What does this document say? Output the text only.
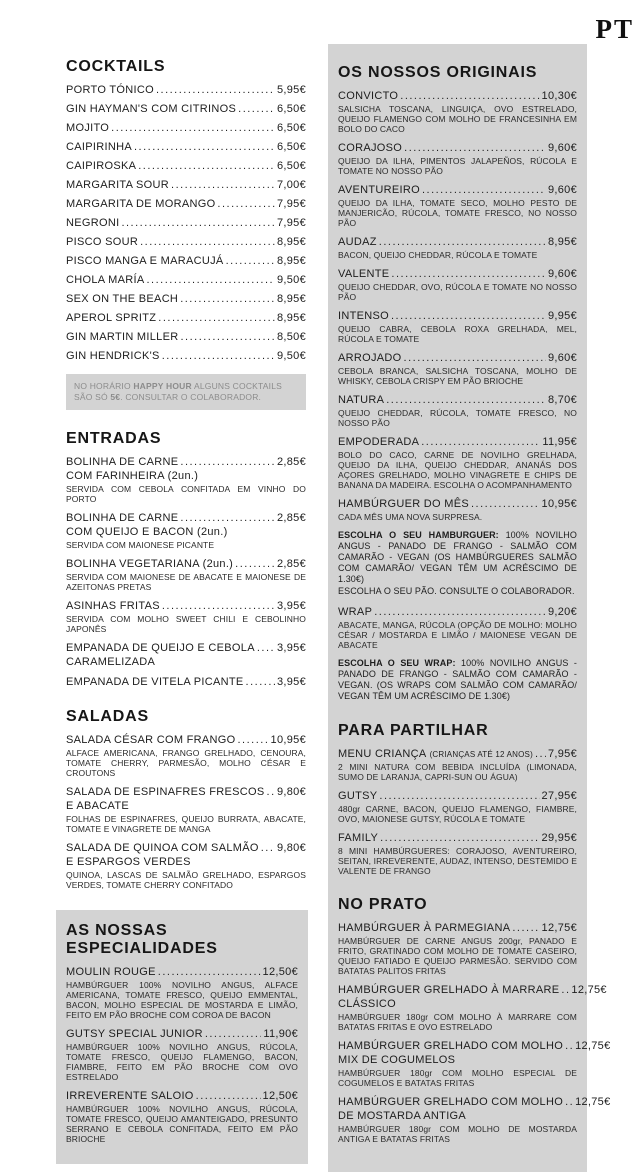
PT
COCKTAILS
PORTO TÓNICO .....	5,95€
GIN HAYMAN'S COM CITRINOS .....	6,50€
MOJITO .....	6,50€
CAIPIRINHA .....	6,50€
CAIPIROSKA .....	6,50€
MARGARITA SOUR .....	7,00€
MARGARITA DE MORANGO .....	7,95€
NEGRONI .....	7,95€
PISCO SOUR .....	8,95€
PISCO MANGA E MARACUJÁ .....	8,95€
CHOLA MARÍA .....	9,50€
SEX ON THE BEACH .....	8,95€
APEROL SPRITZ .....	8,95€
GIN MARTIN MILLER .....	8,50€
GIN HENDRICK'S .....	9,50€
NO HORÁRIO HAPPY HOUR ALGUNS COCKTAILS SÃO SÓ 5€. CONSULTAR O COLABORADOR.
ENTRADAS
BOLINHA DE CARNE .....	2,85€
COM FARINHEIRA (2un.)
SERVIDA COM CEBOLA CONFITADA EM VINHO DO PORTO
BOLINHA DE CARNE .....	2,85€
COM QUEIJO E BACON (2un.)
SERVIDA COM MAIONESE PICANTE
BOLINHA VEGETARIANA (2un.) .....	2,85€
SERVIDA COM MAIONESE DE ABACATE E MAIONESE DE AZEITONAS PRETAS
ASINHAS FRITAS .....	3,95€
SERVIDA COM MOLHO SWEET CHILI E CEBOLINHO JAPONÊS
EMPANADA DE QUEIJO E CEBOLA ..... 3,95€
CARAMELIZADA
EMPANADA DE VITELA PICANTE .....	3,95€
SALADAS
SALADA CÉSAR COM FRANGO .....	10,95€
ALFACE AMERICANA, FRANGO GRELHADO, CENOURA, TOMATE CHERRY, PARMESÃO, MOLHO CÉSAR E CROUTONS
SALADA DE ESPINAFRES FRESCOS ..... 9,80€
E ABACATE
FOLHAS DE ESPINAFRES, QUEIJO BURRATA, ABACATE, TOMATE E VINAGRETE DE MANGA
SALADA DE QUINOA COM SALMÃO ..... 9,80€
E ESPARGOS VERDES
QUINOA, LASCAS DE SALMÃO GRELHADO, ESPARGOS VERDES, TOMATE CHERRY CONFITADO
AS NOSSAS ESPECIALIDADES
MOULIN ROUGE .....	12,50€
HAMBÚRGUER 100% NOVILHO ANGUS, ALFACE AMERICANA, TOMATE FRESCO, QUEIJO EMMENTAL, BACON, MOLHO ESPECIAL DE MOSTARDA E LIMÃO, FEITO EM PÃO BROCHE COM COROA DE BACON
GUTSY SPECIAL JUNIOR .....	11,90€
HAMBÚRGUER 100% NOVILHO ANGUS, RÚCOLA, TOMATE FRESCO, QUEIJO FLAMENGO, BACON, FIAMBRE, FEITO EM PÃO BROCHE COM OVO ESTRELADO
IRREVERENTE SALOIO .....	12,50€
HAMBÚRGUER 100% NOVILHO ANGUS, RÚCOLA, TOMATE FRESCO, QUEIJO AMANTEIGADO, PRESUNTO SERRANO E CEBOLA CONFITADA, FEITO EM PÃO BRIOCHE
OS NOSSOS ORIGINAIS
CONVICTO .....	10,30€
SALSICHA TOSCANA, LINGUIÇA, OVO ESTRELADO, QUEIJO FLAMENGO COM MOLHO DE FRANCESINHA EM BOLO DO CACO
CORAJOSO .....	9,60€
QUEIJO DA ILHA, PIMENTOS JALAPEÑOS, RÚCOLA E TOMATE NO NOSSO PÃO
AVENTUREIRO .....	9,60€
QUEIJO DA ILHA, TOMATE SECO, MOLHO PESTO DE MANJERICÃO, RÚCOLA, TOMATE FRESCO, NO NOSSO PÃO
AUDAZ .....	8,95€
BACON, QUEIJO CHEDDAR, RÚCOLA E TOMATE
VALENTE .....	9,60€
QUEIJO CHEDDAR, OVO, RÚCOLA E TOMATE NO NOSSO PÃO
INTENSO .....	9,95€
QUEIJO CABRA, CEBOLA ROXA GRELHADA, MEL, RÚCOLA E TOMATE
ARROJADO .....	9,60€
CEBOLA BRANCA, SALSICHA TOSCANA, MOLHO DE WHISKY, CEBOLA CRISPY EM PÃO BRIOCHE
NATURA .....	8,70€
QUEIJO CHEDDAR, RÚCOLA, TOMATE FRESCO, NO NOSSO PÃO
EMPODERADA .....	11,95€
BOLO DO CACO, CARNE DE NOVILHO GRELHADA, QUEIJO DA ILHA, QUEIJO CHEDDAR, ANANÁS DOS AÇORES GRELHADO, MOLHO VINAGRETE E CHIPS DE BANANA DA MADEIRA. ESCOLHA O ACOMPANHAMENTO
HAMBÚRGUER DO MÊS .....	10,95€
CADA MÊS UMA NOVA SURPRESA.
ESCOLHA O SEU HAMBURGUER: 100% NOVILHO ANGUS - PANADO DE FRANGO - SALMÃO COM CAMARÃO - VEGAN (OS HAMBÚRGUERES SALMÃO COM CAMARÃO/ VEGAN TÊM UM ACRÉSCIMO DE 1.30€)
ESCOLHA O SEU PÃO. CONSULTE O COLABORADOR.
WRAP .....	9,20€
ABACATE, MANGA, RÚCOLA (OPÇÃO DE MOLHO: MOLHO CÉSAR / MOSTARDA E LIMÃO / MAIONESE VEGAN DE ABACATE
ESCOLHA O SEU WRAP: 100% NOVILHO ANGUS - PANADO DE FRANGO - SALMÃO COM CAMARÃO - VEGAN. (OS WRAPS COM SALMÃO COM CAMARÃO/ VEGAN TÊM UM ACRÉSCIMO DE 1.30€)
PARA PARTILHAR
MENU CRIANÇA (CRIANÇAS ATÉ 12 ANOS) ..... 7,95€
2 MINI NATURA COM BEBIDA INCLUÍDA (LIMONADA, SUMO DE LARANJA, CAPRI-SUN OU ÁGUA)
GUTSY .....	27,95€
480gr CARNE, BACON, QUEIJO FLAMENGO, FIAMBRE, OVO, MAIONESE GUTSY, RÚCOLA E TOMATE
FAMILY .....	29,95€
8 MINI HAMBÚRGUERES: CORAJOSO, AVENTUREIRO, SEITAN, IRREVERENTE, AUDAZ, INTENSO, DESTEMIDO E VALENTE DE FRANGO
NO PRATO
HAMBÚRGUER À PARMEGIANA .....	12,75€
HAMBÚRGUER DE CARNE ANGUS 200gr, PANADO E FRITO, GRATINADO COM MOLHO DE TOMATE CASEIRO, QUEIJO FATIADO E QUEIJO PARMESÃO. SERVIDO COM BATATAS PALITOS FRITAS
HAMBÚRGUER GRELHADO À MARRARE ..... 12,75€
CLÁSSICO
HAMBÚRGUER 180gr COM MOLHO À MARRARE COM BATATAS FRITAS E OVO ESTRELADO
HAMBÚRGUER GRELHADO COM MOLHO ..... 12,75€
MIX DE COGUMELOS
HAMBÚRGUER 180gr COM MOLHO ESPECIAL DE COGUMELOS E BATATAS FRITAS
HAMBÚRGUER GRELHADO COM MOLHO ..... 12,75€
DE MOSTARDA ANTIGA
HAMBÚRGUER 180gr COM MOLHO DE MOSTARDA ANTIGA E BATATAS FRITAS
